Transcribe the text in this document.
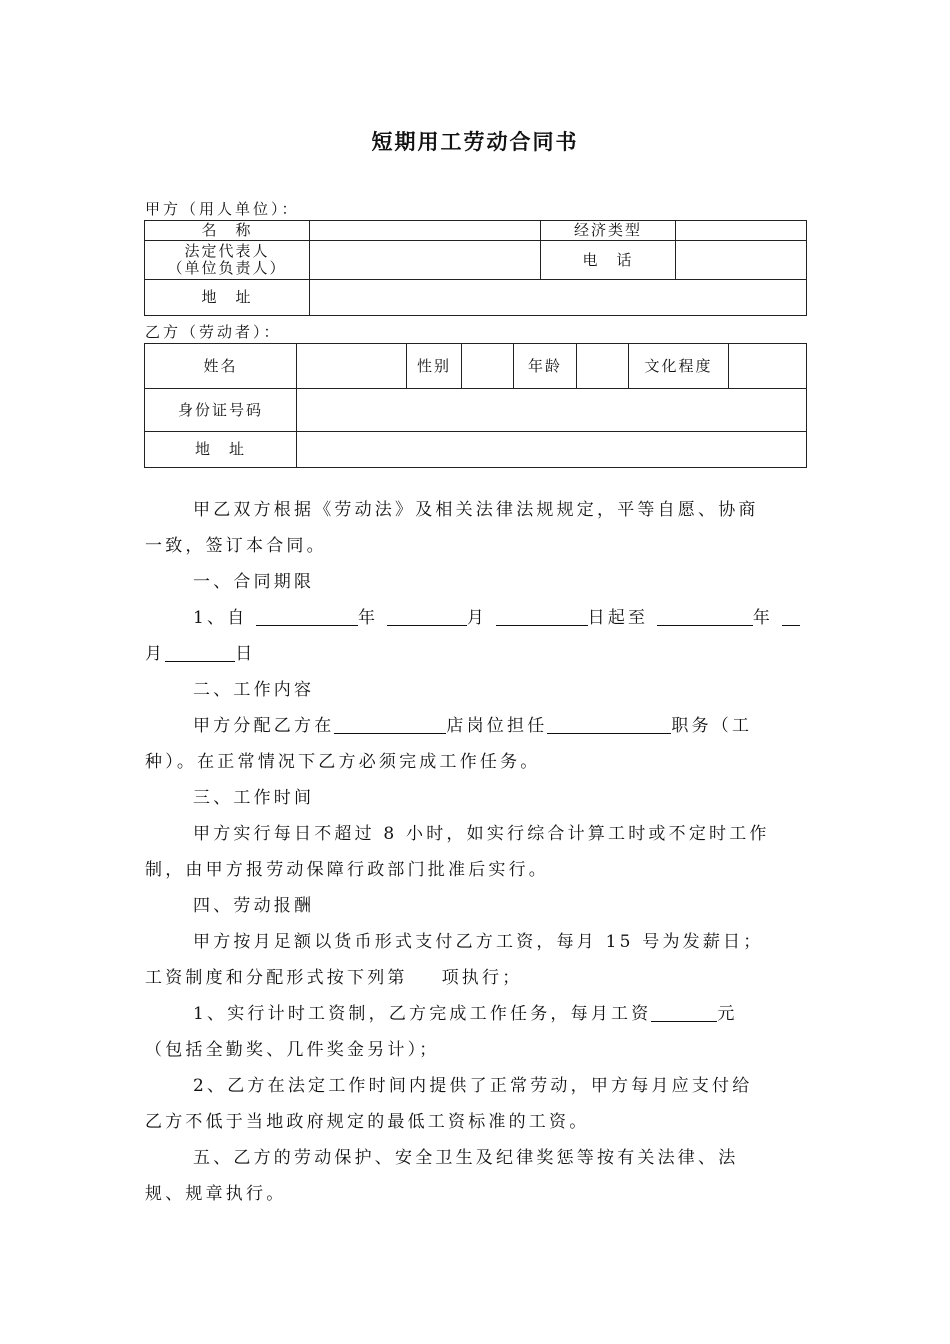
短期用工劳动合同书
甲方（用人单位）：
名　称		经济类型	

法定代表人
（单位负责人）		电　话	
地　址			
乙方（劳动者）：
姓名		性别		年龄		文化程度	
身份证号码							
地　址							

甲乙双方根据《劳动法》及相关法律法规规定，平等自愿、协商

一致，签订本合同。

一、合同期限

1、自	年	月	日起至	年

月	日

二、工作内容

甲方分配乙方在	店岗位担任	职务（工

种）。在正常情况下乙方必须完成工作任务。

三、工作时间

甲方实行每日不超过 8 小时，如实行综合计算工时或不定时工作

制，由甲方报劳动保障行政部门批准后实行。

四、劳动报酬

甲方按月足额以货币形式支付乙方工资，每月 15 号为发薪日；

工资制度和分配形式按下列第 项执行；

1、实行计时工资制，乙方完成工作任务，每月工资	元

（包括全勤奖、几件奖金另计）；

2、乙方在法定工作时间内提供了正常劳动，甲方每月应支付给

乙方不低于当地政府规定的最低工资标准的工资。

五、乙方的劳动保护、安全卫生及纪律奖惩等按有关法律、法

规、规章执行。
